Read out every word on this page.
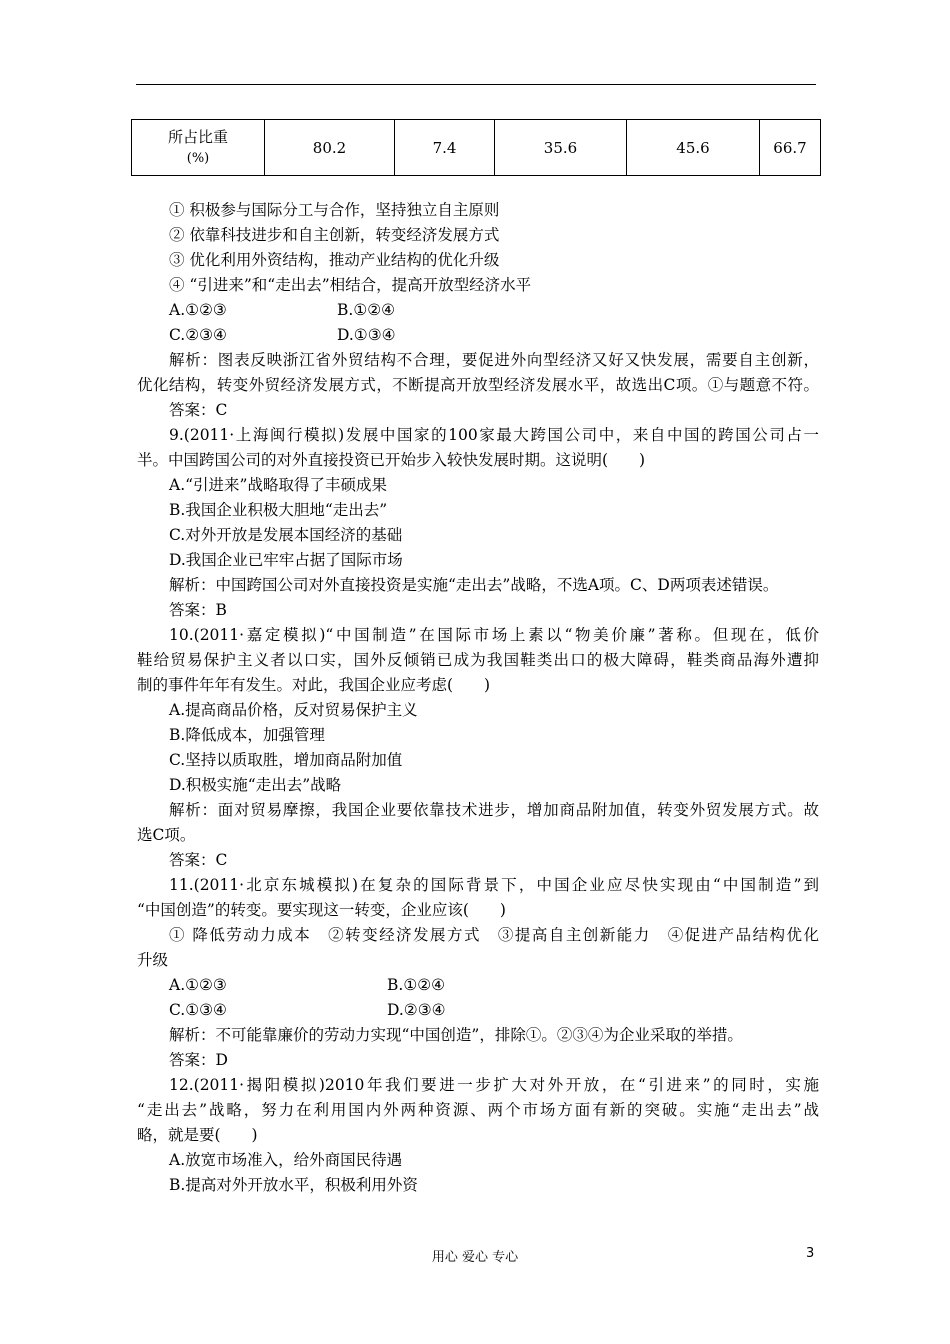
所占比重
(%)
	80.2	7.4	35.6	45.6	66.7
① 积极参与国际分工与合作，坚持独立自主原则
② 依靠科技进步和自主创新，转变经济发展方式
③ 优化利用外资结构，推动产业结构的优化升级
④ “引进来”和“走出去”相结合，提高开放型经济水平
A.①②③	B.①②④
C.②③④	D.①③④
解析：图表反映浙江省外贸结构不合理，要促进外向型经济又好又快发展，需要自主创新，
优化结构，转变外贸经济发展方式，不断提高开放型经济发展水平，故选出C项。①与题意不符。
答案：C
9.(2011·上海闽行模拟)发展中国家的100家最大跨国公司中，来自中国的跨国公司占一
半。中国跨国公司的对外直接投资已开始步入较快发展时期。这说明(　　)
A.“引进来”战略取得了丰硕成果
B.我国企业积极大胆地“走出去”
C.对外开放是发展本国经济的基础
D.我国企业已牢牢占据了国际市场
解析：中国跨国公司对外直接投资是实施“走出去”战略，不选A项。C、D两项表述错误。
答案：B
10.(2011·嘉定模拟)“中国制造”在国际市场上素以“物美价廉”著称。但现在，低价
鞋给贸易保护主义者以口实，国外反倾销已成为我国鞋类出口的极大障碍，鞋类商品海外遭抑
制的事件年年有发生。对此，我国企业应考虑(　　)
A.提高商品价格，反对贸易保护主义
B.降低成本，加强管理
C.坚持以质取胜，增加商品附加值
D.积极实施“走出去”战略
解析：面对贸易摩擦，我国企业要依靠技术进步，增加商品附加值，转变外贸发展方式。故
选C项。
答案：C
11.(2011·北京东城模拟)在复杂的国际背景下，中国企业应尽快实现由“中国制造”到
“中国创造”的转变。要实现这一转变，企业应该(　　)
① 降低劳动力成本　②转变经济发展方式　③提高自主创新能力　④促进产品结构优化
升级
A.①②③	B.①②④
C.①③④	D.②③④
解析：不可能靠廉价的劳动力实现“中国创造”，排除①。②③④为企业采取的举措。
答案：D
12.(2011·揭阳模拟)2010年我们要进一步扩大对外开放，在“引进来”的同时，实施
“走出去”战略，努力在利用国内外两种资源、两个市场方面有新的突破。实施“走出去”战
略，就是要(　　)
A.放宽市场准入，给外商国民待遇
B.提高对外开放水平，积极利用外资
用心 爱心 专心	3
